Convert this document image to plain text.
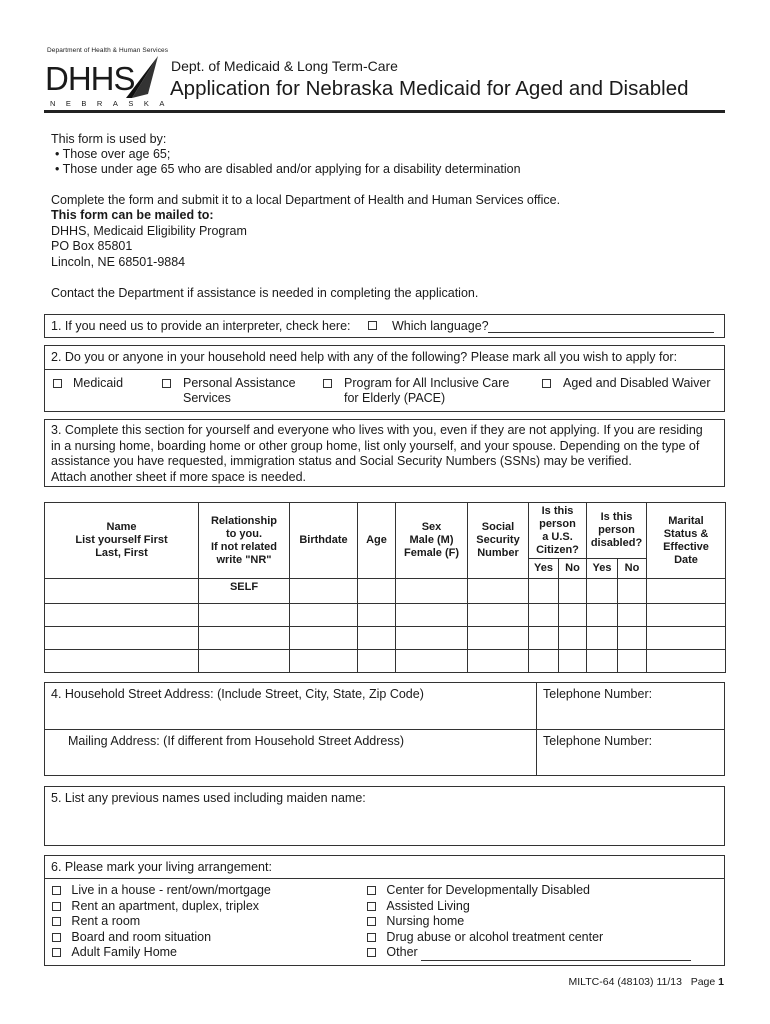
Department of Health & Human Services
DHHS
NEBRASKA
Dept. of Medicaid & Long Term-Care
Application for Nebraska Medicaid for Aged and Disabled
This form is used by:
• Those over age 65;
• Those under age 65 who are disabled and/or applying for a disability determination
Complete the form and submit it to a local Department of Health and Human Services office.
This form can be mailed to:
DHHS, Medicaid Eligibility Program
PO Box 85801
Lincoln, NE 68501-9884
Contact the Department if assistance is needed in completing the application.
1. If you need us to provide an interpreter, check here:	Which language?
2. Do you or anyone in your household need help with any of the following? Please mark all you wish to apply for:
Medicaid	Personal Assistance
Services
Program for All Inclusive Care
for Elderly (PACE)
Aged and Disabled Waiver
3. Complete this section for yourself and everyone who lives with you, even if they are not applying. If you are residing
in a nursing home, boarding home or other group home, list only yourself, and your spouse. Depending on the type of
assistance you have requested, immigration status and Social Security Numbers (SSNs) may be verified.
Attach another sheet if more space is needed.
Name
List yourself First
Last, First	Relationship
to you.
If not related
write "NR"	Birthdate	Age	Sex
Male (M)
Female (F)	Social
Security
Number	Is this
person
a U.S.
Citizen?		Is this
person
disabled?		Marital
Status &
Effective
Date
						Yes	No	Yes	No	
	SELF									

4. Household Street Address: (Include Street, City, State, Zip Code)	Telephone Number:
Mailing Address: (If different from Household Street Address)	Telephone Number:
5. List any previous names used including maiden name:
6. Please mark your living arrangement:
Live in a house - rent/own/mortgage
Rent an apartment, duplex, triplex
Rent a room
Board and room situation
Adult Family Home
Center for Developmentally Disabled
Assisted Living
Nursing home
Drug abuse or alcohol treatment center
Other
MILTC-64 (48103) 11/13 Page 1
